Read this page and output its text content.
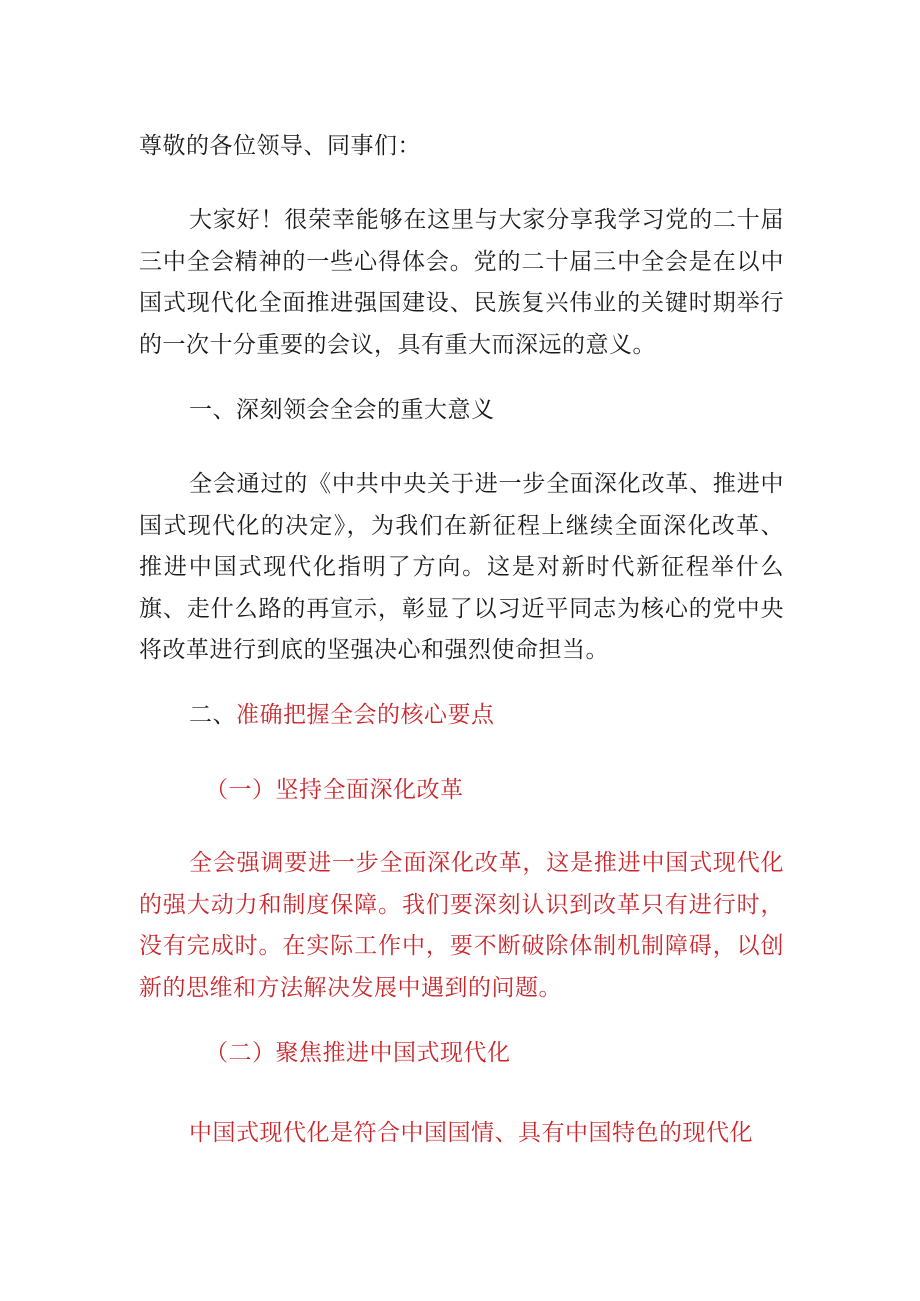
尊敬的各位领导、同事们：

大家好！很荣幸能够在这里与大家分享我学习党的二十届三中全会精神的一些心得体会。党的二十届三中全会是在以中国式现代化全面推进强国建设、民族复兴伟业的关键时期举行的一次十分重要的会议，具有重大而深远的意义。

一、深刻领会全会的重大意义

全会通过的《中共中央关于进一步全面深化改革、推进中国式现代化的决定》，为我们在新征程上继续全面深化改革、推进中国式现代化指明了方向。这是对新时代新征程举什么旗、走什么路的再宣示，彰显了以习近平同志为核心的党中央将改革进行到底的坚强决心和强烈使命担当。

二、准确把握全会的核心要点

（一）坚持全面深化改革

全会强调要进一步全面深化改革，这是推进中国式现代化的强大动力和制度保障。我们要深刻认识到改革只有进行时，没有完成时。在实际工作中，要不断破除体制机制障碍，以创新的思维和方法解决发展中遇到的问题。

（二）聚焦推进中国式现代化

中国式现代化是符合中国国情、具有中国特色的现代化
